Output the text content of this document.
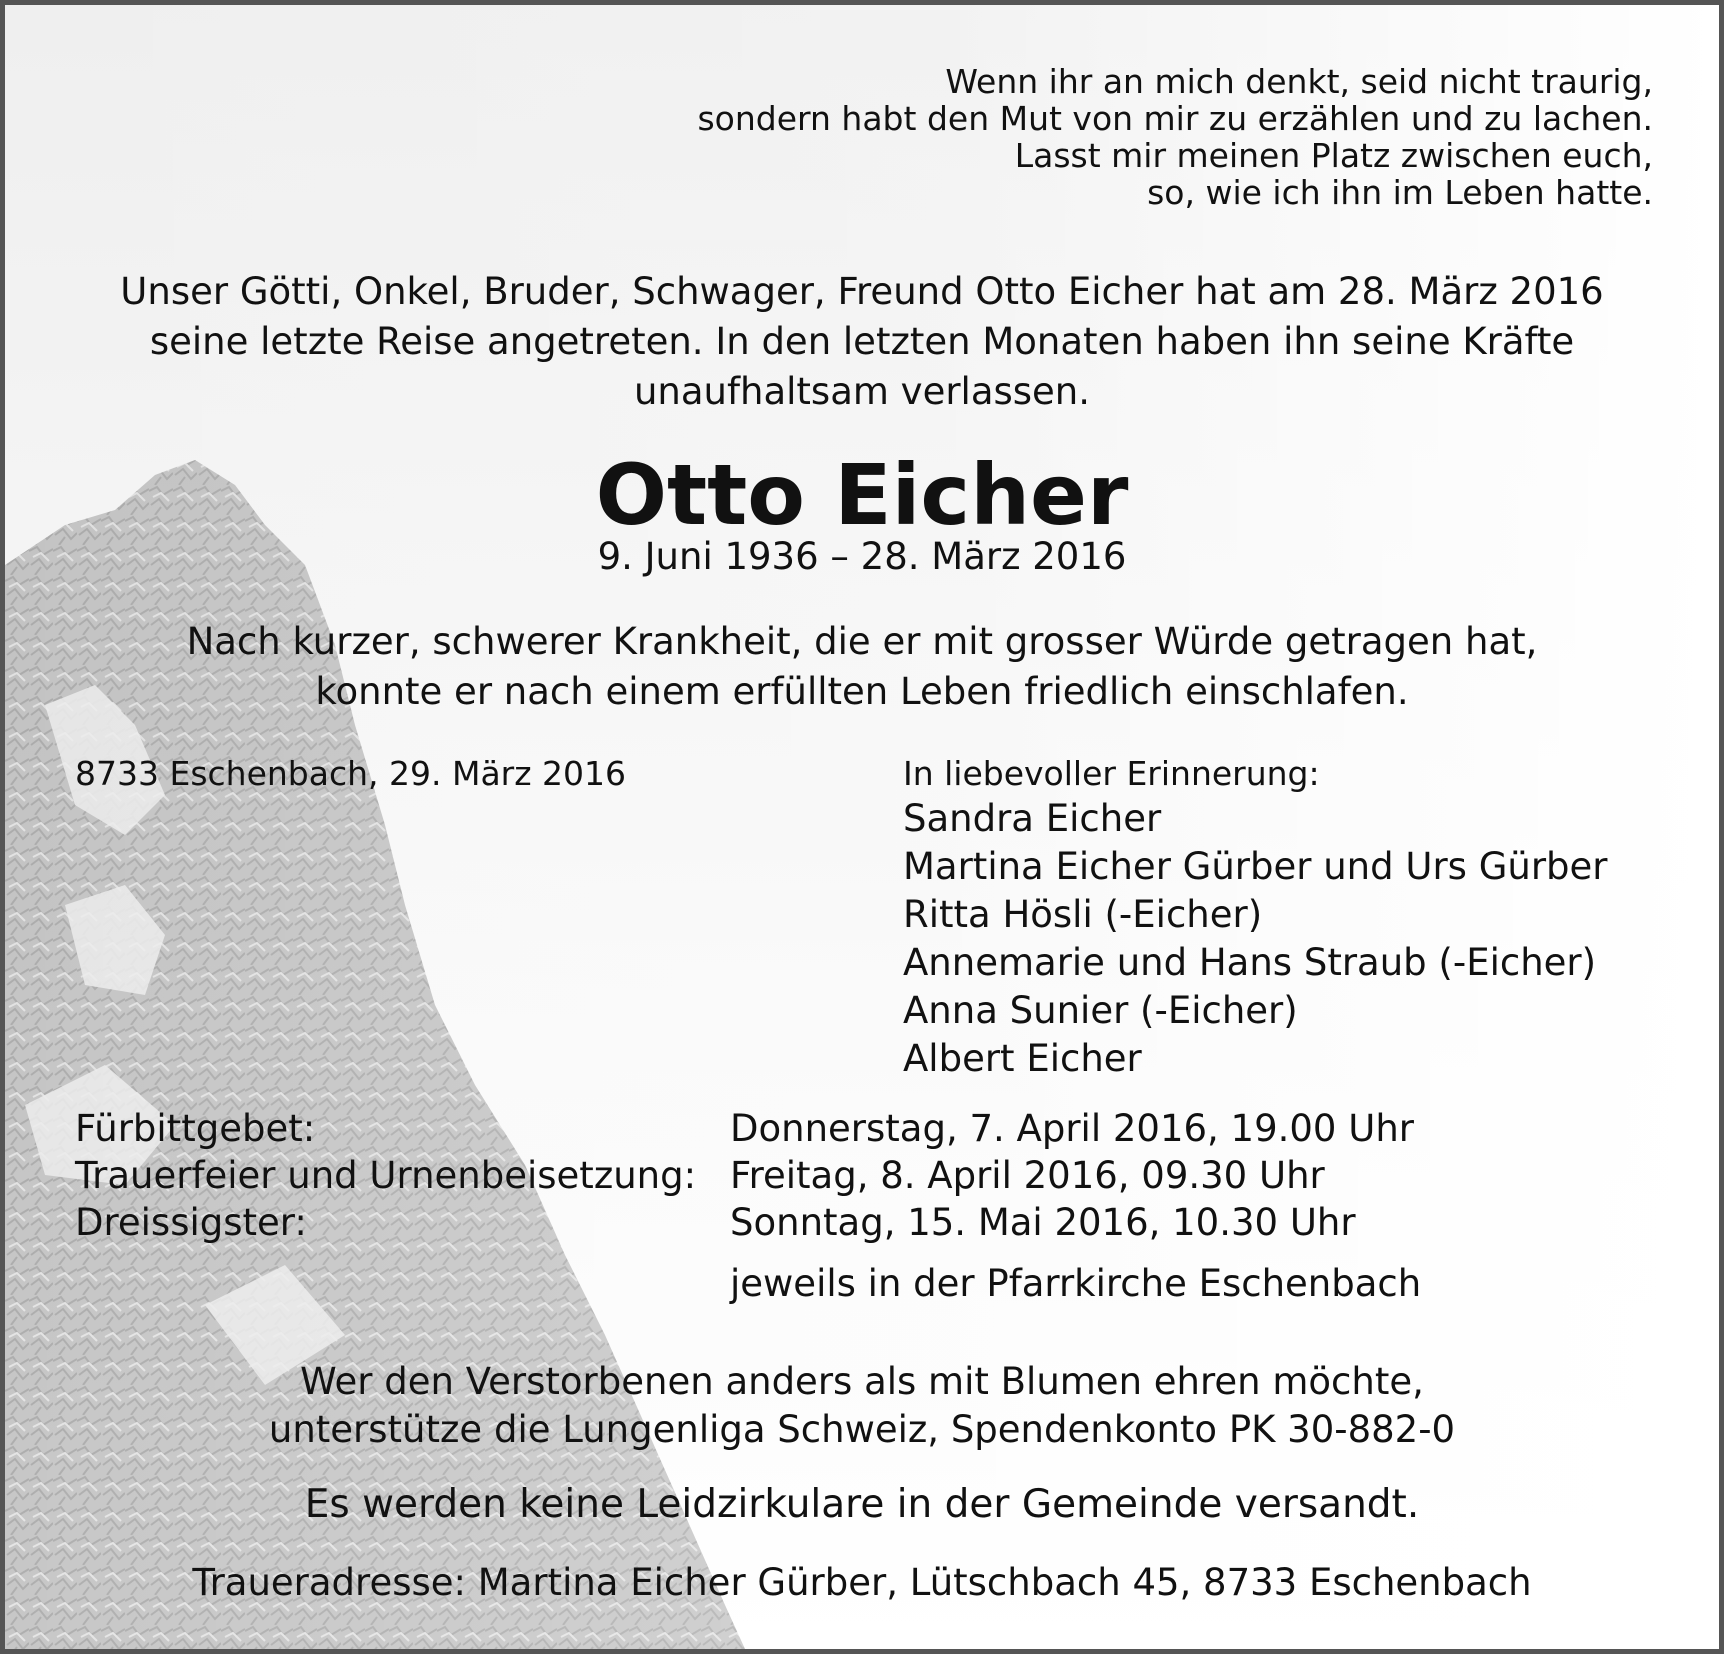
Wenn ihr an mich denkt, seid nicht traurig,
sondern habt den Mut von mir zu erzählen und zu lachen.
Lasst mir meinen Platz zwischen euch,
so, wie ich ihn im Leben hatte.
Unser Götti, Onkel, Bruder, Schwager, Freund Otto Eicher hat am 28. März 2016
seine letzte Reise angetreten. In den letzten Monaten haben ihn seine Kräfte
unaufhaltsam verlassen.
Otto Eicher
9. Juni 1936 – 28. März 2016
Nach kurzer, schwerer Krankheit, die er mit grosser Würde getragen hat,
konnte er nach einem erfüllten Leben friedlich einschlafen.
8733 Eschenbach, 29. März 2016	In liebevoller Erinnerung:
Sandra Eicher
Martina Eicher Gürber und Urs Gürber
Ritta Hösli (-Eicher)
Annemarie und Hans Straub (-Eicher)
Anna Sunier (-Eicher)
Albert Eicher
Fürbittgebet:	Donnerstag, 7. April 2016, 19.00 Uhr
Trauerfeier und Urnenbeisetzung: Freitag, 8. April 2016, 09.30 Uhr
Dreissigster:	Sonntag, 15. Mai 2016, 10.30 Uhr
jeweils in der Pfarrkirche Eschenbach
Wer den Verstorbenen anders als mit Blumen ehren möchte,
unterstütze die Lungenliga Schweiz, Spendenkonto PK 30-882-0
Es werden keine Leidzirkulare in der Gemeinde versandt.
Traueradresse: Martina Eicher Gürber, Lütschbach 45, 8733 Eschenbach
